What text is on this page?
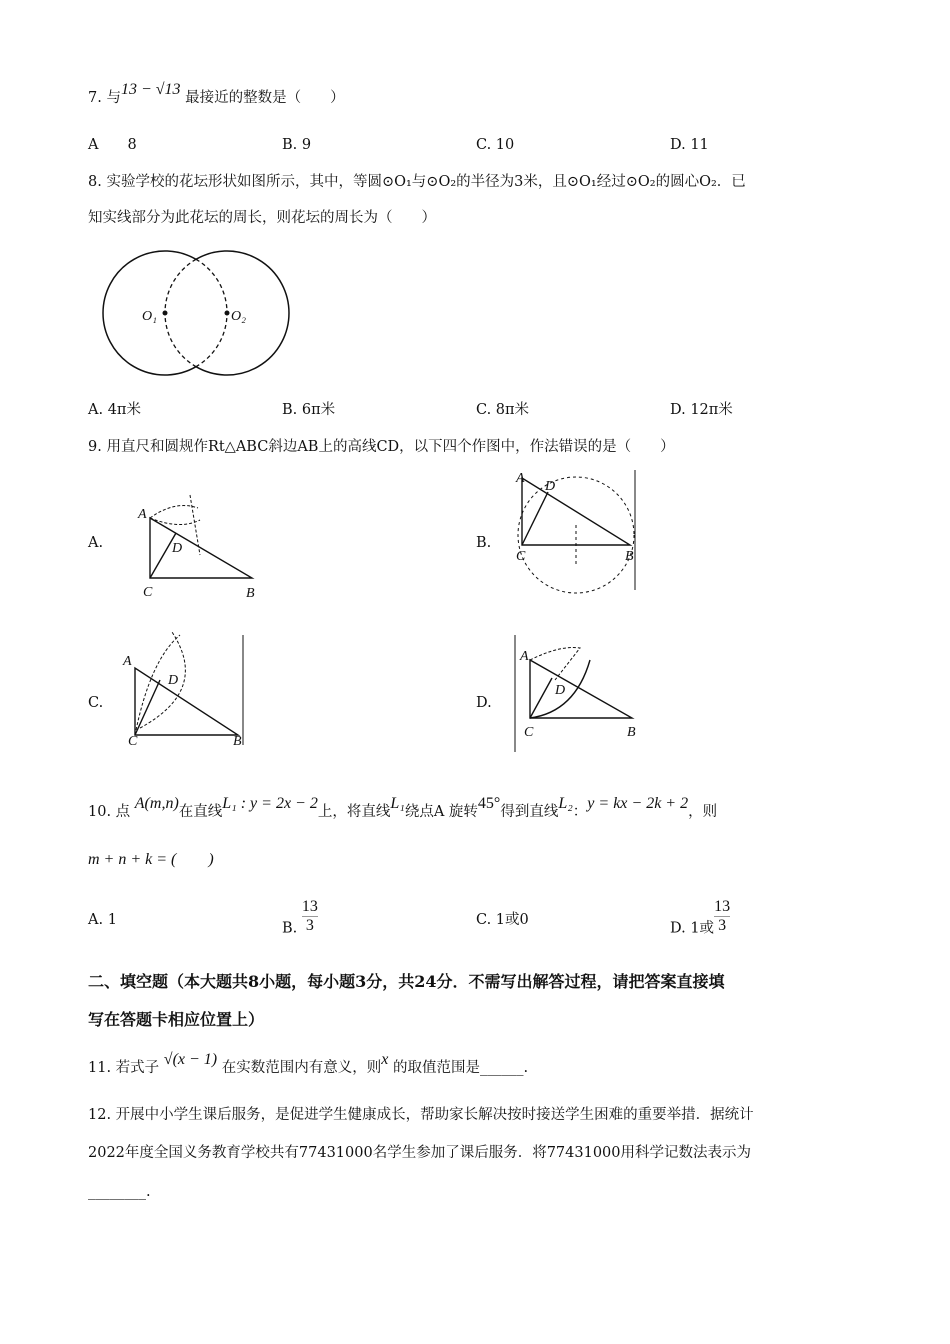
7. 与13 − √13 最接近的整数是（　　）
A　　8	B. 9	C. 10	D. 11
8. 实验学校的花坛形状如图所示，其中，等圆⊙O₁与⊙O₂的半径为3米，且⊙O₁经过⊙O₂的圆心O₂．已
知实线部分为此花坛的周长，则花坛的周长为（　　）
O₁	O₂
A. 4π米	B. 6π米	C. 8π米	D. 12π米
9. 用直尺和圆规作Rt△ABC斜边AB上的高线CD，以下四个作图中，作法错误的是（　　）
A.	B.
C.	D.
A
D
C	B
A
D
C	B
A
D
C	B
A
D
C	B
10. 点 A(m,n)在直线L₁ : y = 2x − 2上，将直线L₁绕点A 旋转45°得到直线L₂：y = kx − 2k + 2，则
m + n + k = (　　)
A. 1
B. $\frac{13}{3}$	C. 1或0
D. 1或 $\frac{13}{3}$
二、填空题（本大题共8小题，每小题3分，共24分．不需写出解答过程，请把答案直接填
写在答题卡相应位置上）
11. 若式子 √(x − 1) 在实数范围内有意义，则x 的取值范围是______.
12. 开展中小学生课后服务，是促进学生健康成长，帮助家长解决按时接送学生困难的重要举措．据统计
2022年度全国义务教育学校共有77431000名学生参加了课后服务．将77431000用科学记数法表示为
________.
